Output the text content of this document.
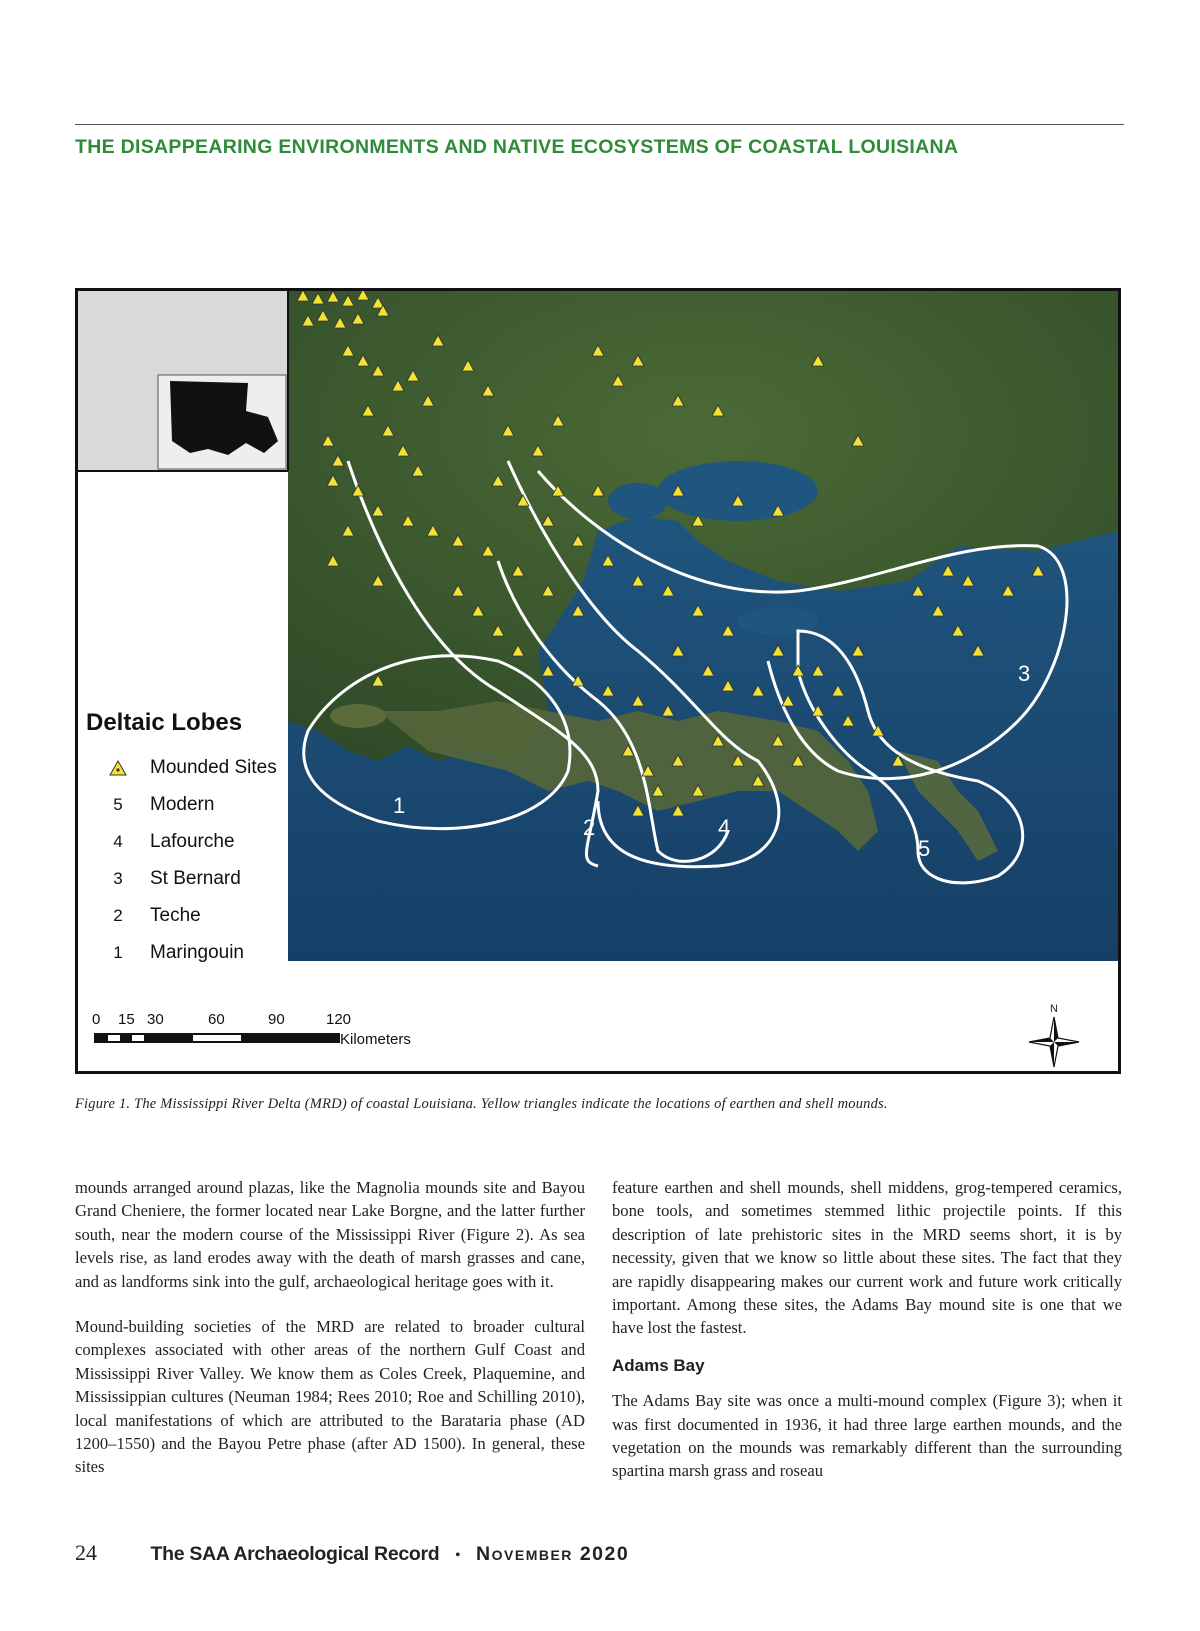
THE DISAPPEARING ENVIRONMENTS AND NATIVE ECOSYSTEMS OF COASTAL LOUISIANA
1
2	4
3
5
Deltaic Lobes
Mounded Sites
5	Modern
4	Lafourche
3	St Bernard
2	Teche
1	Maringouin
0 15 30	60	90	120
Kilometers
N
Figure 1. The Mississippi River Delta (MRD) of coastal Louisiana. Yellow triangles indicate the locations of earthen and shell mounds.

mounds arranged around plazas, like the Magnolia mounds site and Bayou Grand Cheniere, the former located near Lake Borgne, and the latter further south, near the modern course of the Mississippi River (Figure 2). As sea levels rise, as land erodes away with the death of marsh grasses and cane, and as landforms sink into the gulf, archaeological heritage goes with it.

Mound-building societies of the MRD are related to broader cultural complexes associated with other areas of the northern Gulf Coast and Mississippi River Valley. We know them as Coles Creek, Plaquemine, and Mississippian cultures (Neuman 1984; Rees 2010; Roe and Schilling 2010), local manifestations of which are attributed to the Barataria phase (AD 1200–1550) and the Bayou Petre phase (after AD 1500). In general, these sites

feature earthen and shell mounds, shell middens, grog-tempered ceramics, bone tools, and sometimes stemmed lithic projectile points. If this description of late prehistoric sites in the MRD seems short, it is by necessity, given that we know so little about these sites. The fact that they are rapidly disappearing makes our current work and future work critically important. Among these sites, the Adams Bay mound site is one that we have lost the fastest.

Adams Bay

The Adams Bay site was once a multi-mound complex (Figure 3); when it was first documented in 1936, it had three large earthen mounds, and the vegetation on the mounds was remarkably different than the surrounding spartina marsh grass and roseau

24	The SAA Archaeological Record • November 2020
